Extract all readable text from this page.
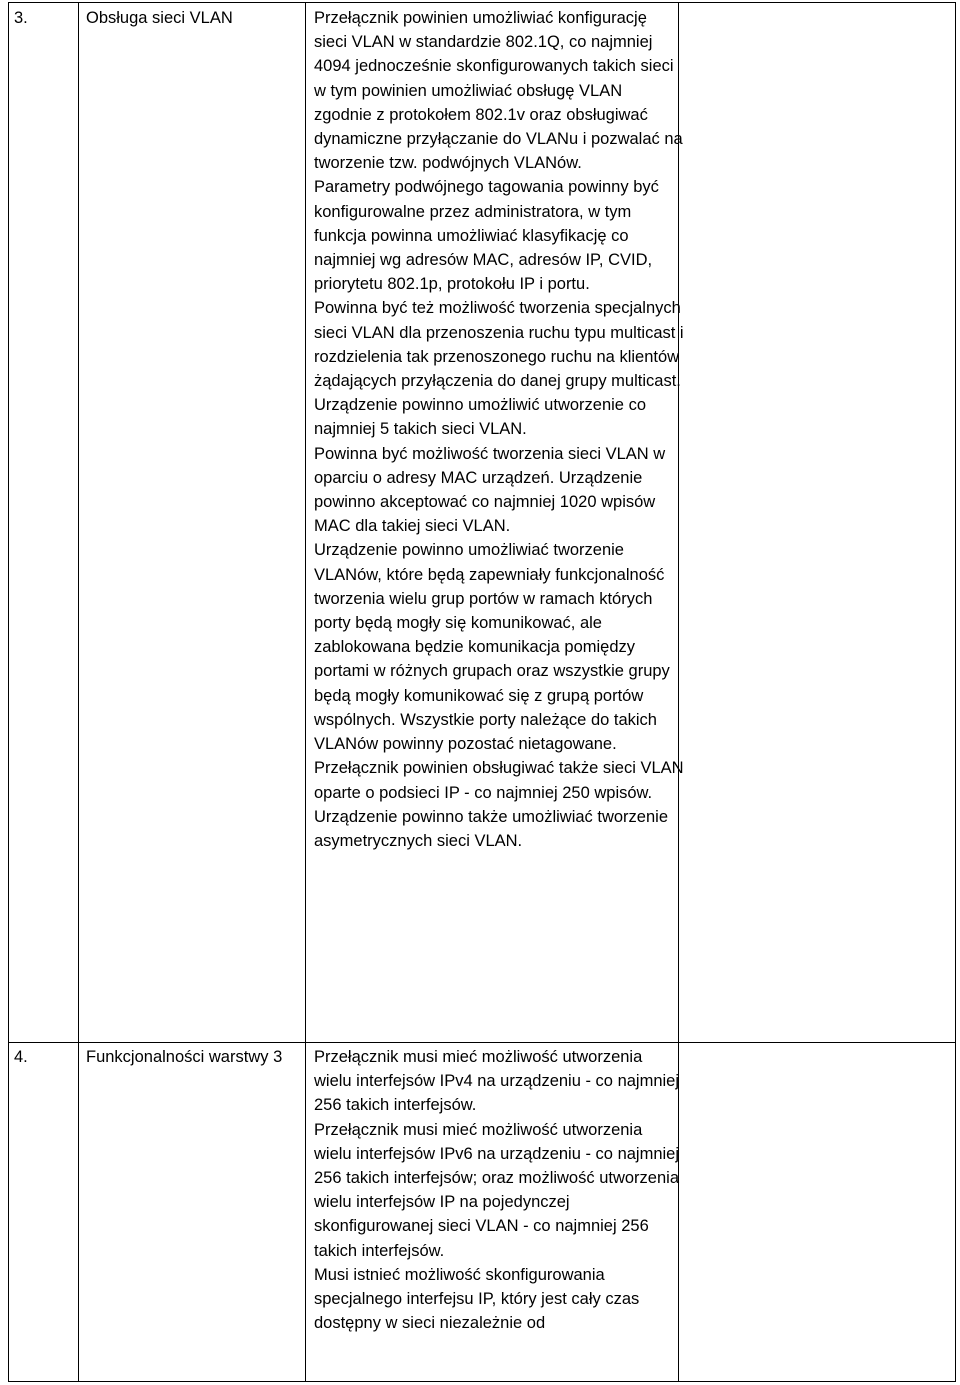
3.	Obsługa sieci VLAN	Przełącznik powinien umożliwiać konfigurację sieci VLAN w standardzie 802.1Q, co najmniej 4094 jednocześnie skonfigurowanych takich sieci w tym powinien umożliwiać obsługę VLAN zgodnie z protokołem 802.1v oraz obsługiwać dynamiczne przyłączanie do VLANu i pozwalać na tworzenie tzw. podwójnych VLANów.

Parametry podwójnego tagowania powinny być konfigurowalne przez administratora, w tym funkcja powinna umożliwiać klasyfikację co najmniej wg adresów MAC, adresów IP, CVID, priorytetu 802.1p, protokołu IP i portu.

Powinna być też możliwość tworzenia specjalnych sieci VLAN dla przenoszenia ruchu typu multicast i rozdzielenia tak przenoszonego ruchu na klientów żądających przyłączenia do danej grupy multicast. Urządzenie powinno umożliwić utworzenie co najmniej 5 takich sieci VLAN.

Powinna być możliwość tworzenia sieci VLAN w oparciu o adresy MAC urządzeń. Urządzenie powinno akceptować co najmniej 1020 wpisów MAC dla takiej sieci VLAN.

Urządzenie powinno umożliwiać tworzenie VLANów, które będą zapewniały funkcjonalność tworzenia wielu grup portów w ramach których porty będą mogły się komunikować, ale zablokowana będzie komunikacja pomiędzy portami w różnych grupach oraz wszystkie grupy będą mogły komunikować się z grupą portów wspólnych. Wszystkie porty należące do takich VLANów powinny pozostać nietagowane.

Przełącznik powinien obsługiwać także sieci VLAN oparte o podsieci IP - co najmniej 250 wpisów.

Urządzenie powinno także umożliwiać tworzenie asymetrycznych sieci VLAN.

4.	Funkcjonalności warstwy 3	Przełącznik musi mieć możliwość utworzenia wielu interfejsów IPv4 na urządzeniu - co najmniej 256 takich interfejsów.

Przełącznik musi mieć możliwość utworzenia wielu interfejsów IPv6 na urządzeniu - co najmniej 256 takich interfejsów; oraz możliwość utworzenia wielu interfejsów IP na pojedynczej skonfigurowanej sieci VLAN - co najmniej 256 takich interfejsów.

Musi istnieć możliwość skonfigurowania specjalnego interfejsu IP, który jest cały czas dostępny w sieci niezależnie od
